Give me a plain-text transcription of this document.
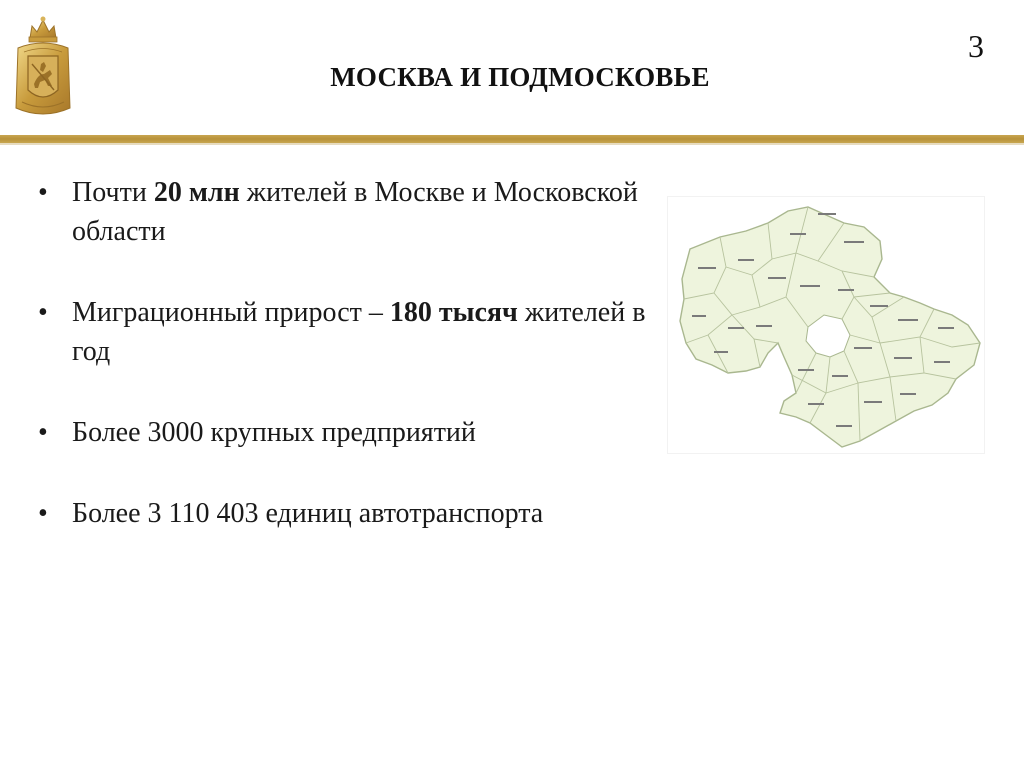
МОСКВА И ПОДМОСКОВЬЕ
3
• Почти 20 млн жителей в Москве и Московской области
• Миграционный прирост – 180 тысяч жителей в год
• Более 3000 крупных предприятий
• Более 3 110 403 единиц автотранспорта
